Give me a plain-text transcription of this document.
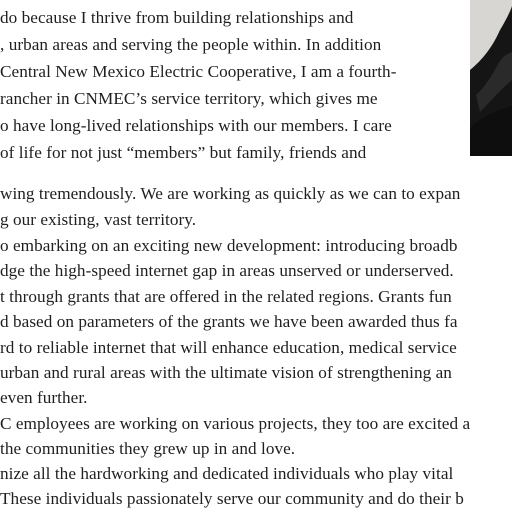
do because I thrive from building relationships and
, urban areas and serving the people within. In addition
Central New Mexico Electric Cooperative, I am a fourth-
rancher in CNMEC’s service territory, which gives me
o have long-lived relationships with our members. I care
of life for not just “members” but family, friends and
wing tremendously. We are working as quickly as we can to expan
g our existing, vast territory.
o embarking on an exciting new development: introducing broadb
dge the high-speed internet gap in areas unserved or underserved.
t through grants that are offered in the related regions. Grants fun
d based on parameters of the grants we have been awarded thus fa
rd to reliable internet that will enhance education, medical service
urban and rural areas with the ultimate vision of strengthening an
even further.
C employees are working on various projects, they too are excited a
the communities they grew up in and love.
nize all the hardworking and dedicated individuals who play vital
These individuals passionately serve our community and do their b
